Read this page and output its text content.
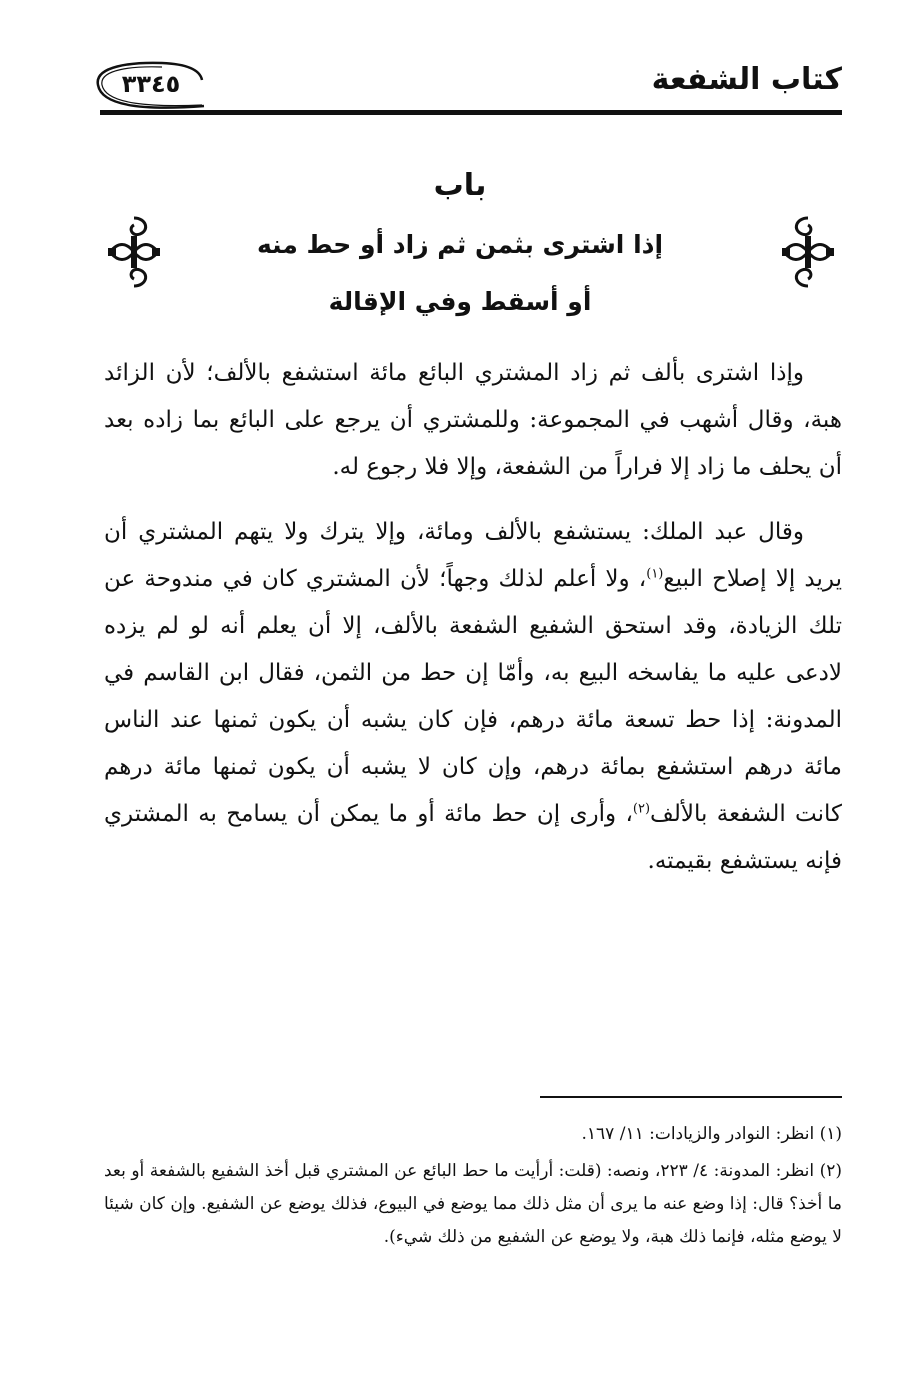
كتاب الشفعة
٣٣٤٥
باب
إذا اشترى بثمن ثم زاد أو حط منه
أو أسقط وفي الإقالة

وإذا اشترى بألف ثم زاد المشتري البائع مائة استشفع بالألف؛ لأن الزائد هبة، وقال أشهب في المجموعة: وللمشتري أن يرجع على البائع بما زاده بعد أن يحلف ما زاد إلا فراراً من الشفعة، وإلا فلا رجوع له.

وقال عبد الملك: يستشفع بالألف ومائة، وإلا يترك ولا يتهم المشتري أن يريد إلا إصلاح البيع$^{(١)}$، ولا أعلم لذلك وجهاً؛ لأن المشتري كان في مندوحة عن تلك الزيادة، وقد استحق الشفيع الشفعة بالألف، إلا أن يعلم أنه لو لم يزده لادعى عليه ما يفاسخه البيع به، وأمّا إن حط من الثمن، فقال ابن القاسم في المدونة: إذا حط تسعة مائة درهم، فإن كان يشبه أن يكون ثمنها عند الناس مائة درهم استشفع بمائة درهم، وإن كان لا يشبه أن يكون ثمنها مائة درهم كانت الشفعة بالألف$^{(٢)}$، وأرى إن حط مائة أو ما يمكن أن يسامح به المشتري فإنه يستشفع بقيمته.

(١) انظر: النوادر والزيادات: ١١/ ١٦٧.

(٢) انظر: المدونة: ٤/ ٢٢٣، ونصه: (قلت: أرأيت ما حط البائع عن المشتري قبل أخذ الشفيع بالشفعة أو بعد ما أخذ؟ قال: إذا وضع عنه ما يرى أن مثل ذلك مما يوضع في البيوع، فذلك يوضع عن الشفيع. وإن كان شيئا لا يوضع مثله، فإنما ذلك هبة، ولا يوضع عن الشفيع من ذلك شيء).
